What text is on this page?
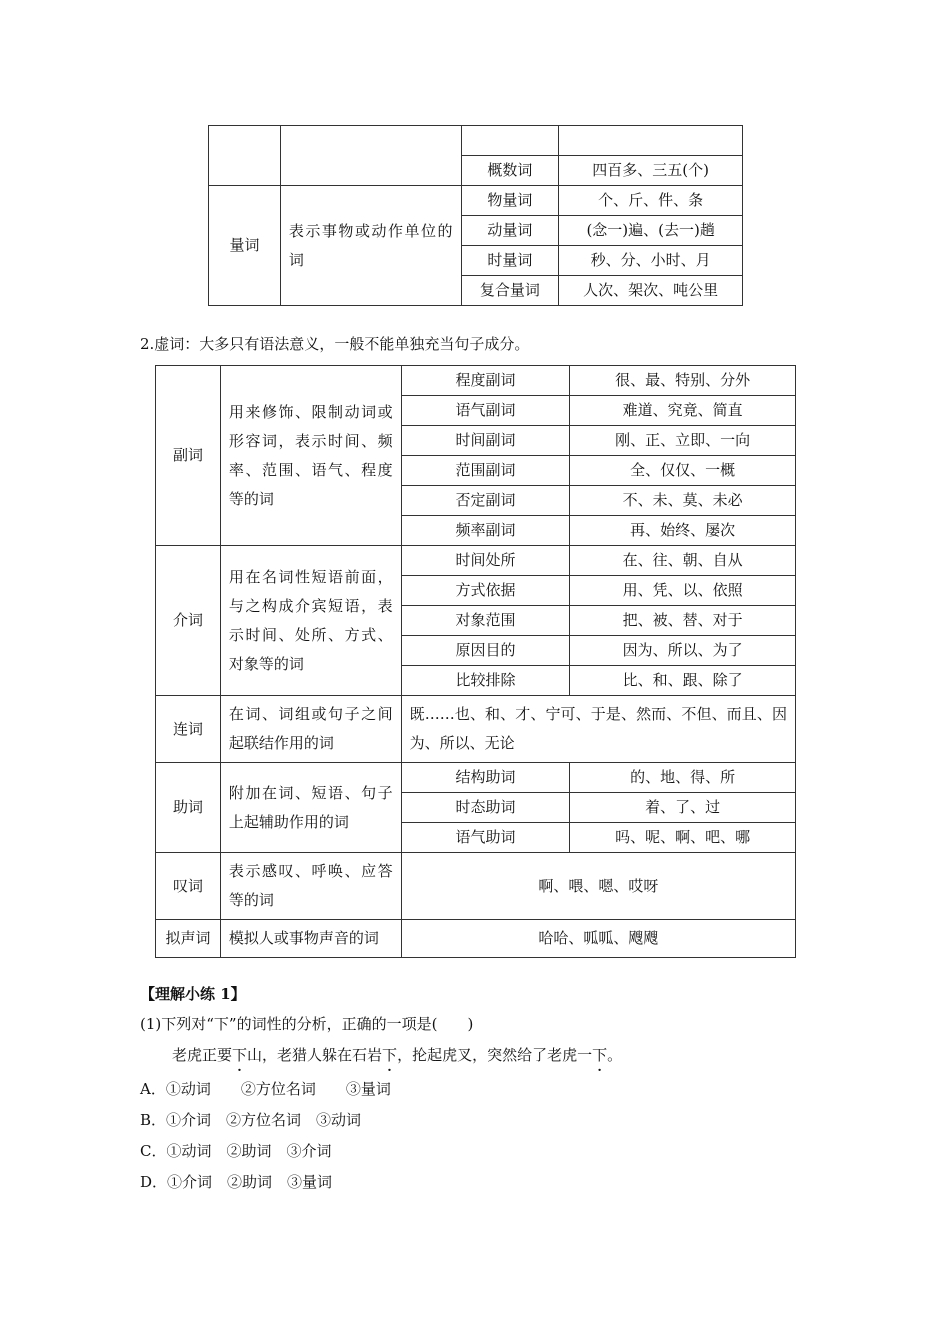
		概数词	四百多、三五(个)
量词	表示事物或动作单位的词	物量词	个、斤、件、条
		动量词	(念一)遍、(去一)趟
		时量词	秒、分、小时、月
		复合量词	人次、架次、吨公里
2.虚词：大多只有语法意义，一般不能单独充当句子成分。
副词	用来修饰、限制动词或形容词，表示时间、频率、范围、语气、程度等的词	程度副词	很、最、特别、分外
		语气副词	难道、究竟、简直
		时间副词	刚、正、立即、一向
		范围副词	全、仅仅、一概
		否定副词	不、未、莫、未必
		频率副词	再、始终、屡次
介词	用在名词性短语前面，与之构成介宾短语，表示时间、处所、方式、对象等的词	时间处所	在、往、朝、自从
		方式依据	用、凭、以、依照
		对象范围	把、被、替、对于
		原因目的	因为、所以、为了
		比较排除	比、和、跟、除了
连词	在词、词组或句子之间起联结作用的词	既……也、和、才、宁可、于是、然而、不但、而且、因为、所以、无论	
助词	附加在词、短语、句子上起辅助作用的词	结构助词	的、地、得、所
		时态助词	着、了、过
		语气助词	吗、呢、啊、吧、哪
叹词	表示感叹、呼唤、应答等的词	啊、喂、嗯、哎呀	
拟声词	模拟人或事物声音的词	哈哈、呱呱、飕飕	
【理解小练 1】
(1)下列对“下”的词性的分析，正确的一项是(　　)
老虎正要下山，老猎人躲在石岩下，抡起虎叉，突然给了老虎一下。
A．①动词　　②方位名词　　③量词
B．①介词　②方位名词　③动词
C．①动词　②助词　③介词
D．①介词　②助词　③量词
